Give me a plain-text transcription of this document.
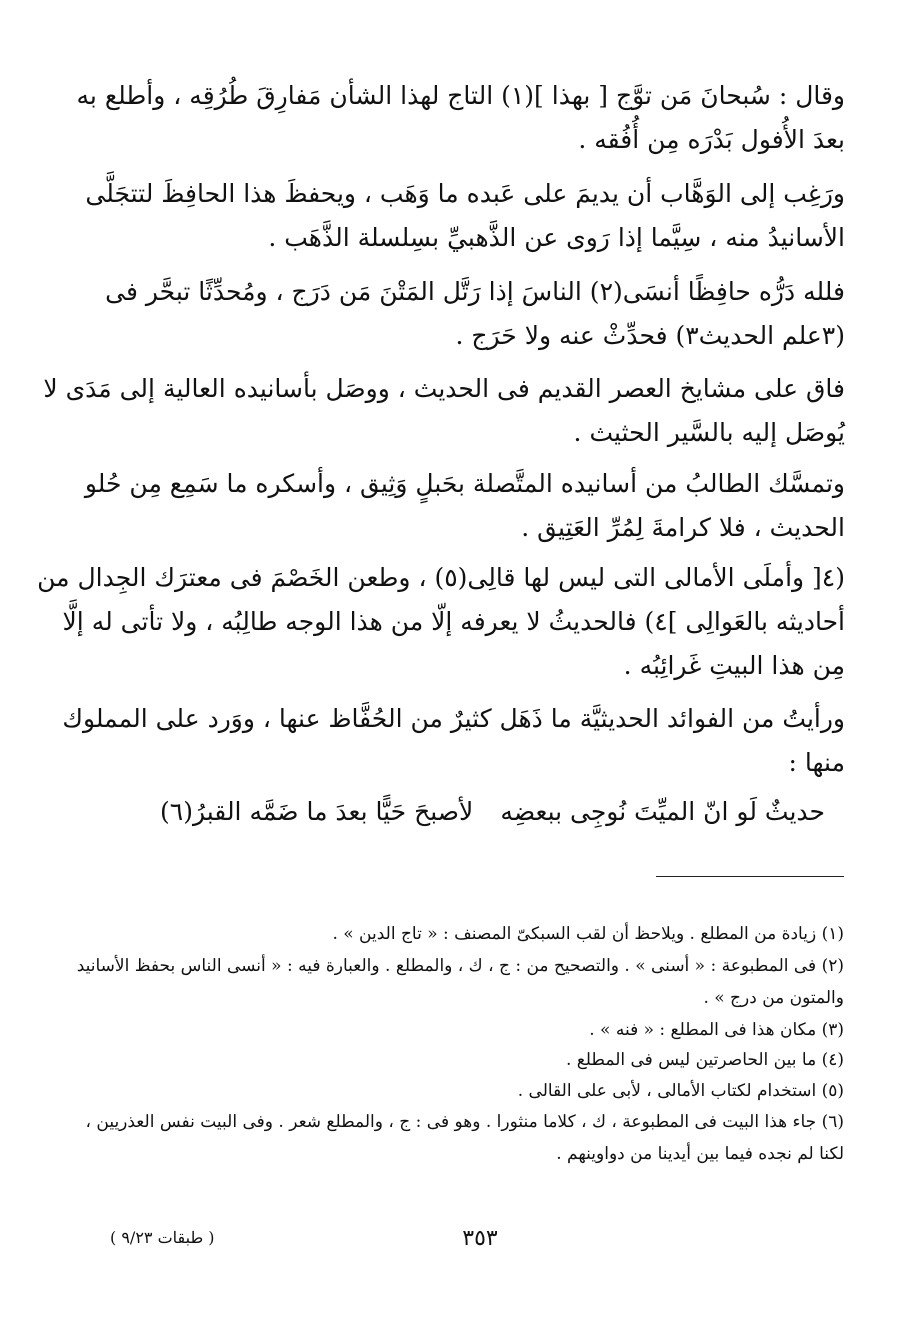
وقال : سُبحانَ مَن توَّج [ بهذا ](١) التاج لهذا الشأن مَفارِقَ طُرُقِه ، وأطلع به
بعدَ الأُفول بَدْرَه مِن أُفُقه .
ورَغِب إلى الوَهَّاب أن يديمَ على عَبده ما وَهَب ، ويحفظَ هذا الحافِظَ لتتجَلَّى
الأسانيدُ منه ، سِيَّما إذا رَوى عن الذَّهبيِّ بسِلسلة الذَّهَب .
فلله دَرُّه حافِظًا أنسَى(٢) الناسَ إذا رَتَّل المَتْنَ مَن دَرَج ، ومُحدِّثًا تبحَّر فى
(٣علم الحديث٣) فحدِّثْ عنه ولا حَرَج .
فاق على مشايخ العصر القديم فى الحديث ، ووصَل بأسانيده العالية إلى مَدَى لا
يُوصَل إليه بالسَّير الحثيث .
وتمسَّك الطالبُ من أسانيده المتَّصلة بحَبلٍ وَثِيق ، وأسكره ما سَمِع مِن حُلو
الحديث ، فلا كرامةَ لِمُرِّ العَتِيق .
(٤[ وأملَى الأمالى التى ليس لها قالِى(٥) ، وطعن الخَصْمَ فى معترَك الجِدال من
أحاديثه بالعَوالِى ]٤) فالحديثُ لا يعرفه إلّا من هذا الوجه طالِبُه ، ولا تأتى له إلَّا
مِن هذا البيتِ غَرائِبُه .
ورأيتُ من الفوائد الحديثيَّة ما ذَهَل كثيرٌ من الحُفَّاظ عنها ، ووَرد على المملوك
منها :
حديثٌ لَو انّ الميِّتَ نُوجِى ببعضِه
لأصبحَ حَيًّا بعدَ ما ضَمَّه القبرُ(٦)
(١) زيادة من المطلع . ويلاحظ أن لقب السبكىّ المصنف : « تاج الدين » .
(٢) فى المطبوعة : « أسنى » . والتصحيح من : ج ، ك ، والمطلع . والعبارة فيه : « أنسى الناس بحفظ الأسانيد
والمتون من درج » .
(٣) مكان هذا فى المطلع : « فنه » .
(٤) ما بين الحاصرتين ليس فى المطلع .
(٥) استخدام لكتاب الأمالى ، لأبى على القالى .
(٦) جاء هذا البيت فى المطبوعة ، ك ، كلاما منثورا . وهو فى : ج ، والمطلع شعر . وفى البيت نفس العذريين ،
لكنا لم نجده فيما بين أيدينا من دواوينهم .
٣٥٣
( طبقات ٩/٢٣ )
